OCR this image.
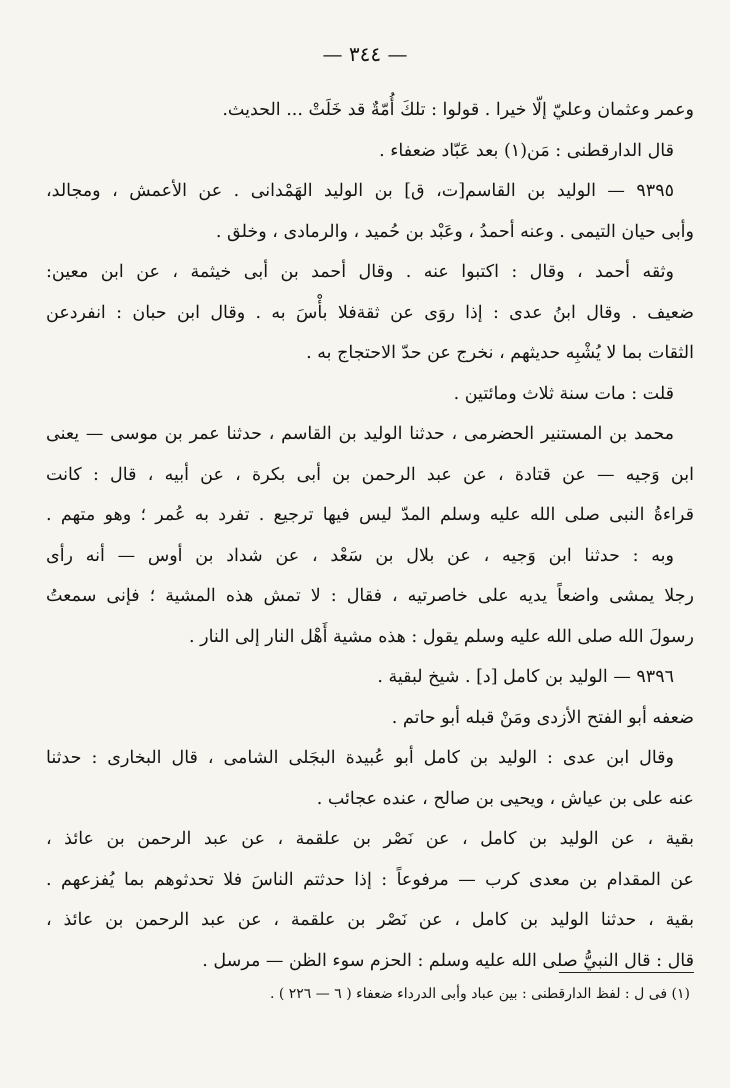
— ٣٤٤ —
وعمر وعثمان وعليّ إلّا خيرا . قولوا : تلكَ أُمّةٌ قد خَلَتْ ... الحديث.
قال الدارقطنى : مَن(١) بعد عَبّاد ضعفاء .
٩٣٩٥ — الوليد بن القاسم[ت، ق] بن الوليد الهَمْدانى . عن الأعمش ، ومجالد،
وأبى حيان التيمى . وعنه أحمدُ ، وعَبْد بن حُميد ، والرمادى ، وخلق .
وثقه أحمد ، وقال : اكتبوا عنه . وقال أحمد بن أبى خيثمة ، عن ابن معين:
ضعيف . وقال ابنُ عدى : إذا روَى عن ثقةفلا بأْسَ به . وقال ابن حبان : انفردعن
الثقات بما لا يُشْبِه حديثهم ، نخرج عن حدّ الاحتجاج به .
قلت : مات سنة ثلاث ومائتين .
محمد بن المستنير الحضرمى ، حدثنا الوليد بن القاسم ، حدثنا عمر بن موسى — يعنى
ابن وَجيه — عن قتادة ، عن عبد الرحمن بن أبى بكرة ، عن أبيه ، قال : كانت
قراءةُ النبى صلى الله عليه وسلم المدّ ليس فيها ترجيع . تفرد به عُمر ؛ وهو متهم .
وبه : حدثنا ابن وَجيه ، عن بلال بن سَعْد ، عن شداد بن أوس — أنه رأى
رجلا يمشى واضعاً يديه على خاصرتيه ، فقال : لا تمش هذه المشية ؛ فإنى سمعتُ
رسولَ الله صلى الله عليه وسلم يقول : هذه مشية أَهْل النار إلى النار .
٩٣٩٦ — الوليد بن كامل [د] . شيخ لبقية .
ضعفه أبو الفتح الأزدى ومَنْ قبله أبو حاتم .
وقال ابن عدى : الوليد بن كامل أبو عُبيدة البجَلى الشامى ، قال البخارى : حدثنا
عنه على بن عياش ، ويحيى بن صالح ، عنده عجائب .
بقية ، عن الوليد بن كامل ، عن نَصْر بن علقمة ، عن عبد الرحمن بن عائذ ،
عن المقدام بن معدى كرب — مرفوعاً : إذا حدثتم الناسَ فلا تحدثوهم بما يُفزعهم .
بقية ، حدثنا الوليد بن كامل ، عن نَصْر بن علقمة ، عن عبد الرحمن بن عائذ ،
قال : قال النبيُّ صلى الله عليه وسلم : الحزم سوء الظن — مرسل .
(١) فى ل : لفظ الدارقطنى : بين عباد وأبى الدرداء ضعفاء ( ٦ — ٢٢٦ ) .
